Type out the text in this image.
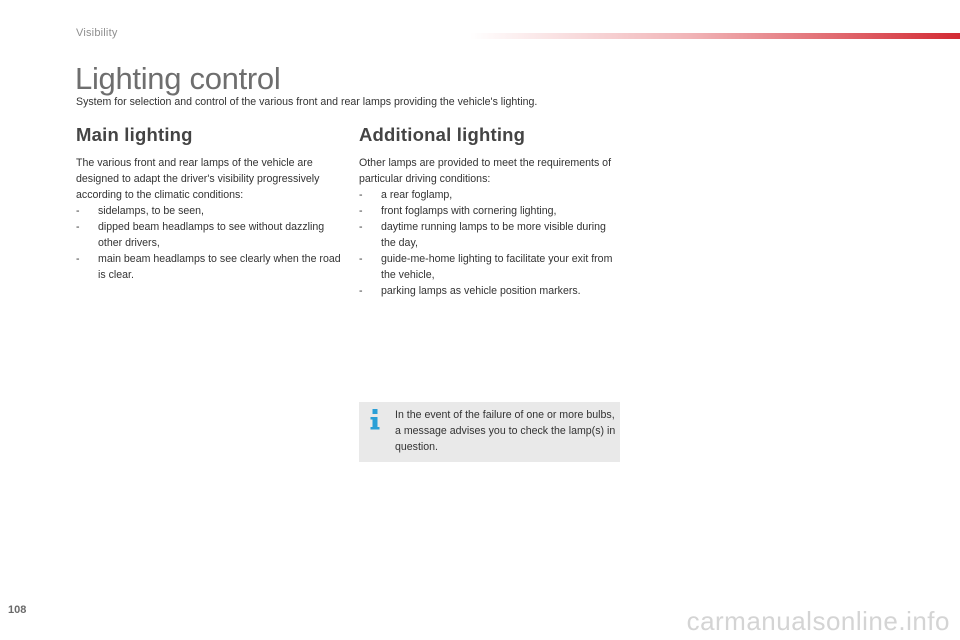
Visibility
Lighting control
System for selection and control of the various front and rear lamps providing the vehicle's lighting.
Main lighting

The various front and rear lamps of the vehicle are designed to adapt the driver's visibility progressively according to the climatic conditions:

- sidelamps, to be seen,
- dipped beam headlamps to see without dazzling other drivers,
- main beam headlamps to see clearly when the road is clear.
Additional lighting

Other lamps are provided to meet the requirements of particular driving conditions:

- a rear foglamp,
- front foglamps with cornering lighting,
- daytime running lamps to be more visible during the day,
- guide-me-home lighting to facilitate your exit from the vehicle,
- parking lamps as vehicle position markers.
In the event of the failure of one or more bulbs, a message advises you to check the lamp(s) in question.
108	carmanualsonline.info
